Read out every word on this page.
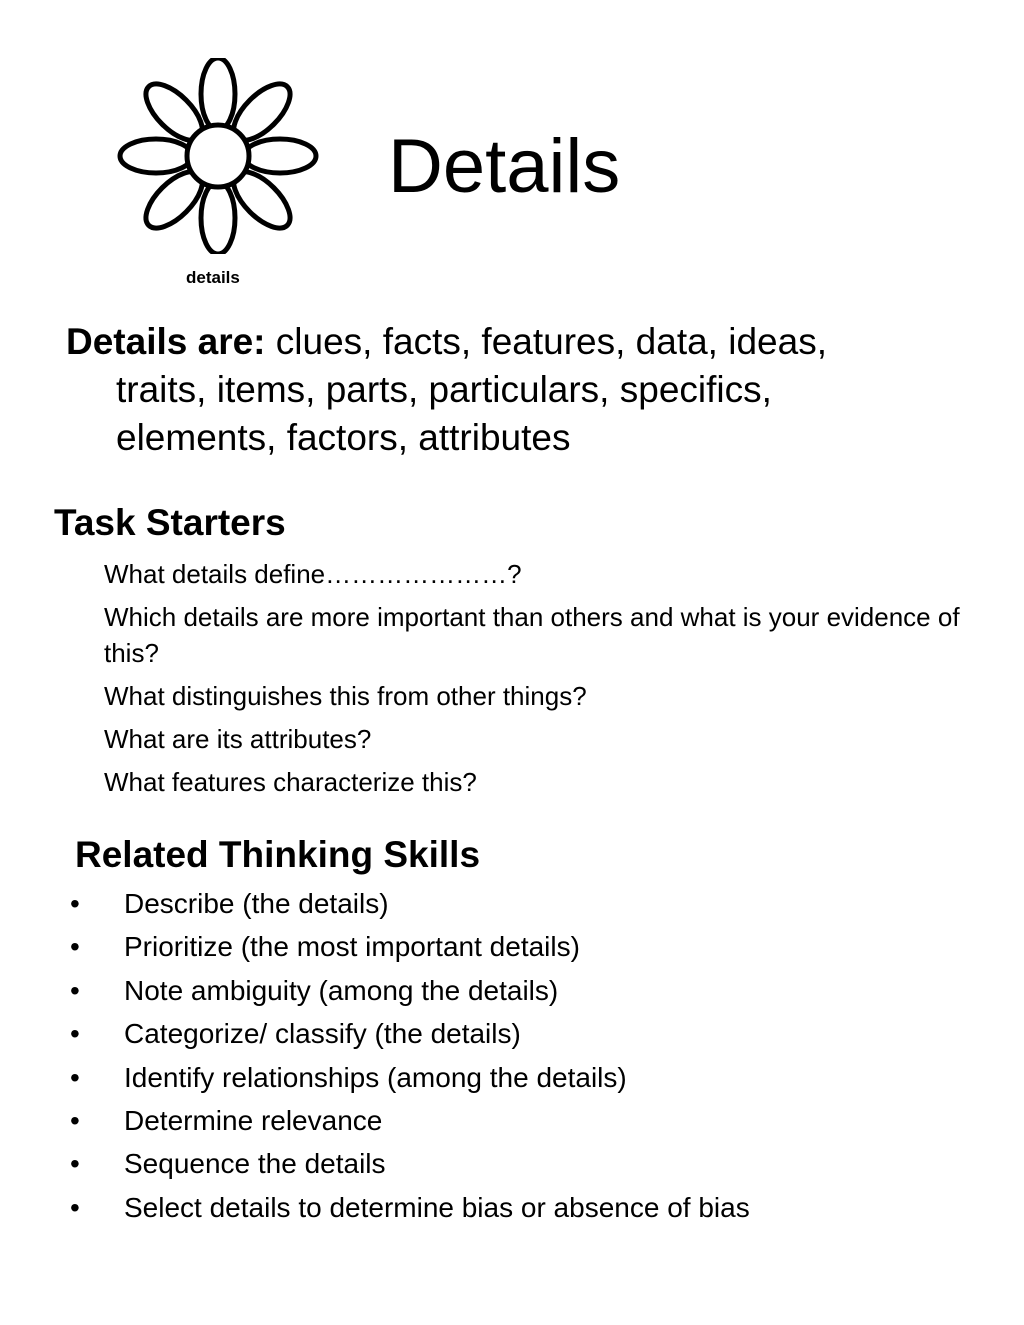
details
Details
Details are: clues, facts, features, data, ideas,
traits, items, parts, particulars, specifics,
elements, factors, attributes
Task Starters
What details define…………………?
Which details are more important than others and what is your evidence of this?
What distinguishes this from other things?
What are its attributes?
What features characterize this?
Related Thinking Skills
• Describe (the details)
• Prioritize (the most important details)
• Note ambiguity (among the details)
• Categorize/ classify (the details)
• Identify relationships (among the details)
• Determine relevance
• Sequence the details
• Select details to determine bias or absence of bias
